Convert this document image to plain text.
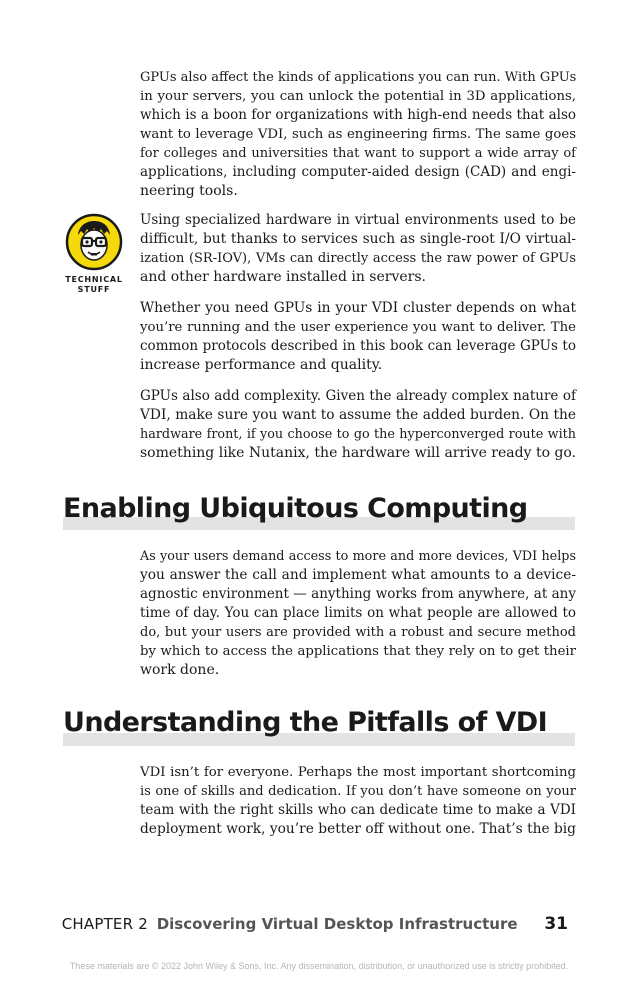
GPUs also affect the kinds of applications you can run. With GPUs
in your servers, you can unlock the potential in 3D applications,
which is a boon for organizations with high-end needs that also
want to leverage VDI, such as engineering firms. The same goes
for colleges and universities that want to support a wide array of
applications, including computer-aided design (CAD) and engi-
neering tools.

TECHNICAL
STUFF

Using specialized hardware in virtual environments used to be
difficult, but thanks to services such as single-root I/O virtual-
ization (SR-IOV), VMs can directly access the raw power of GPUs
and other hardware installed in servers.

Whether you need GPUs in your VDI cluster depends on what
you’re running and the user experience you want to deliver. The
common protocols described in this book can leverage GPUs to
increase performance and quality.

GPUs also add complexity. Given the already complex nature of
VDI, make sure you want to assume the added burden. On the
hardware front, if you choose to go the hyperconverged route with
something like Nutanix, the hardware will arrive ready to go.

Enabling Ubiquitous Computing

As your users demand access to more and more devices, VDI helps
you answer the call and implement what amounts to a device-
agnostic environment — anything works from anywhere, at any
time of day. You can place limits on what people are allowed to
do, but your users are provided with a robust and secure method
by which to access the applications that they rely on to get their
work done.

Understanding the Pitfalls of VDI

VDI isn’t for everyone. Perhaps the most important shortcoming
is one of skills and dedication. If you don’t have someone on your
team with the right skills who can dedicate time to make a VDI
deployment work, you’re better off without one. That’s the big

CHAPTER 2 Discovering Virtual Desktop Infrastructure 31
These materials are © 2022 John Wiley & Sons, Inc. Any dissemination, distribution, or unauthorized use is strictly prohibited.
